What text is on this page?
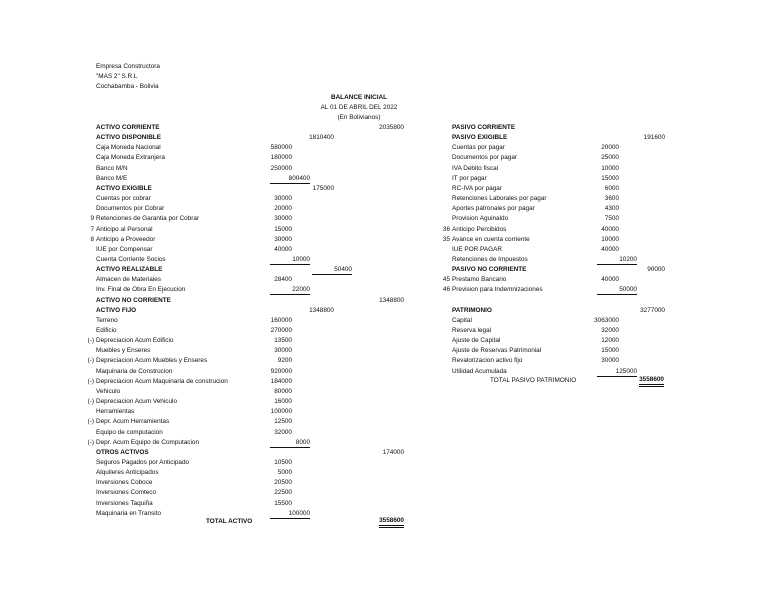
Empresa Constructora
"MAS 2" S.R.L
Cochabamba - Bolivia
BALANCE INICIAL
AL 01 DE ABRIL DEL 2022
(En Bolivianos)
ACTIVO CORRIENTE	2035800
ACTIVO DISPONIBLE	1810400
Caja Moneda Nacional	580000
Caja Moneda Extranjera	180000
Banco M/N	250000
Banco M/E	800400
ACTIVO EXIGIBLE	175000
Cuentas por cobrar	30000
Documentos por Cobrar	20000
9 Retenciones de Garantia por Cobrar	30000
7 Anticipo al Personal	15000
8 Anticipo a Proveedor	30000
IUE por Compensar	40000
Cuenta Corriente Socios	10000
ACTIVO REALIZABLE	50400
Almacen de Materiales	28400
Inv. Final de Obra En Ejecucion	22000
ACTIVO NO CORRIENTE	1348800
ACTIVO FIJO	1348800
Terreno	160000
Edificio	270000
(-) Depreciacion Acum Edificio	13500
Muebles y Enseres	30000
(-) Depreciacion Acum Muebles y Enseres	9200
Maquinaria de Construcion	920000
(-) Depreciacion Acum Maquinaria de construcion	184000
Vehiculo	80000
(-) Depreciacion Acum Vehiculo	16000
Herramientas	100000
(-) Depr. Acum Herramientas	12500
Equipo de computacion	32000
(-) Depr. Acum Equipo de Computacion	8000
OTROS ACTIVOS	174000
Seguros Pagados por Anticipado	10500
Alquileres Anticipados	5000
Inversiones Coboce	20500
Inversiones Comteco	22500
Inversiones Taquiña	15500
Maquinaria en Transito	100000
PASIVO CORRIENTE
PASIVO EXIGIBLE	191600
Cuentas por pagar	20000
Documentos por pagar	25000
IVA Debito fiscal	10000
IT por pagar	15000
RC-IVA por pagar	6000
Retenciones Laborales por pagar	3600
Aportes patronales por pagar	4300
Provision Aguinaldo	7500
36 Anticipo Percibidos	40000
35 Avance en cuenta corriente	10000
IUE POR PAGAR	40000
Retenciones de Impuestos	10200
PASIVO NO CORRIENTE	90000
45 Prestamo Bancario	40000
46 Prevision para Indemnizaciones	50000
PATRIMONIO	3277000
Capital	3063000
Reserva legal	32000
Ajuste de Capital	12000
Ajuste de Reservas Patrimonial	15000
Revalorizacion activo fijo	30000
Utilidad Acumulada	125000
TOTAL ACTIVO	3558600
TOTAL PASIVO PATRIMONIO	3558600
